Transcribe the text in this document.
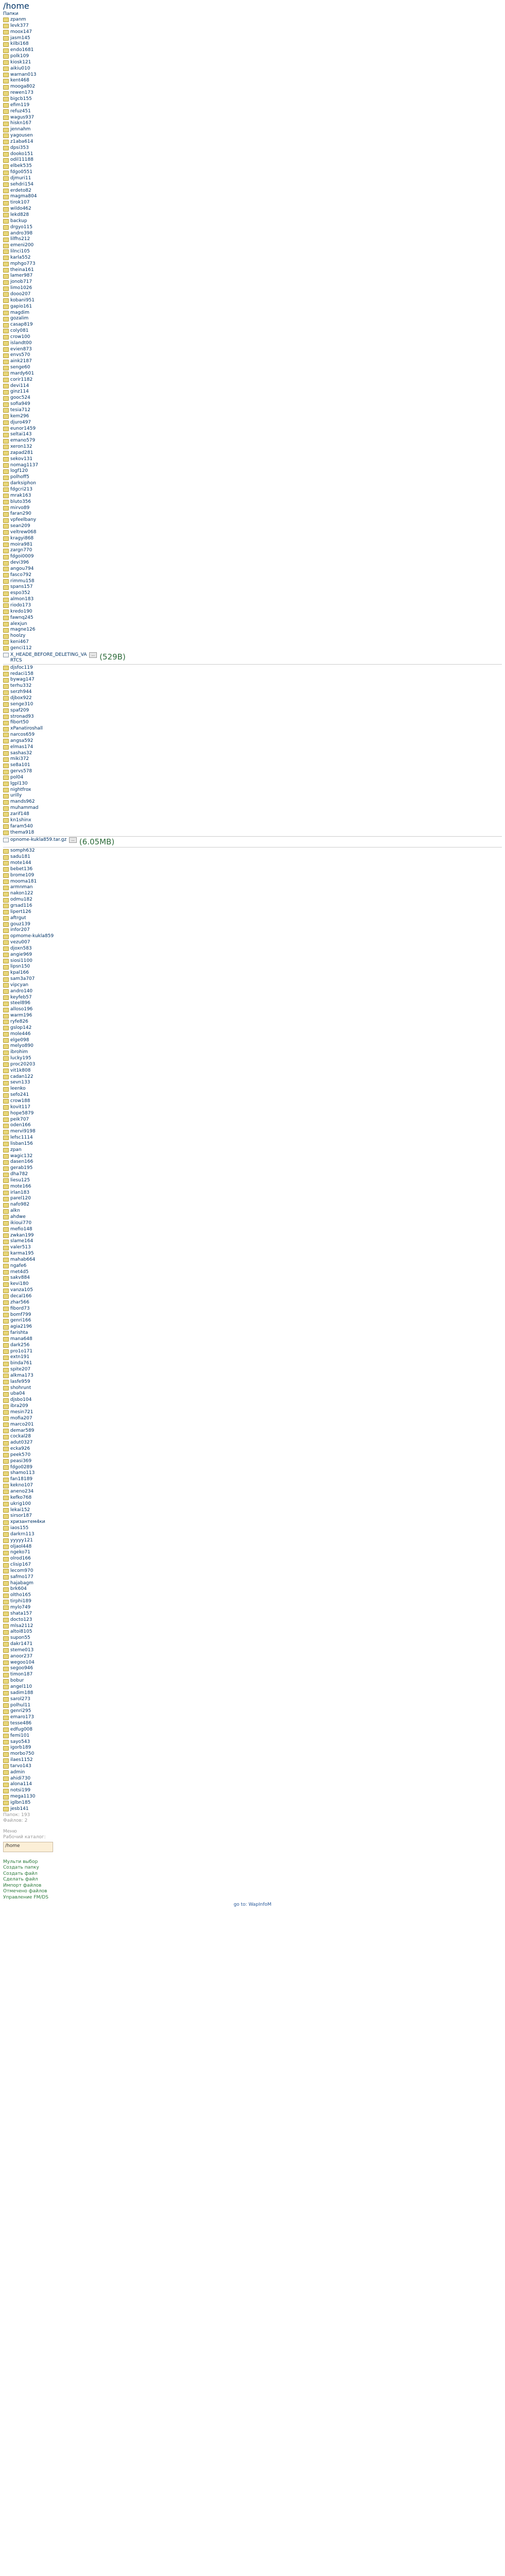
/home
Папки
zpanm
levk377
moox147
jasm145
kilbi168
endo1681
polk109
kiosk121
aikiu010
warnan013
kent468
mooga802
rewen173
bigcb155
efim119
refuz451
wagus937
hiskn167
jennahm
yagousen
z1aba614
dpsi353
dooko151
odil11188
elbek535
fdgo0551
djmuri11
sehdri154
erdeto82
magma804
tirok107
wildo462
lekd828
backup
drgyo115
andro398
lilfhs212
emeni200
lilnci105
karla552
mphgo773
theina161
lamer987
jonob717
limo1026
dooo207
kobani951
gapio161
magdim
gozalim
casap819
coly081
crow100
islandt00
evien873
envs570
aink2187
senge60
mardy601
corir1182
devi114
ginz114
gooc524
sofia949
tesia712
kem296
djuro497
eunor1459
seltai143
emano579
xeron132
zapad281
sekov131
nomag1137
logf120
polhoff5
darksiphon
fdgcri213
mrak163
bluto356
mirvo89
faran290
vpfeelbany
sean209
veltrew068
kragyi868
moira981
zargn770
fdgoi0009
devi396
angou794
fasco792
rimmu158
spans157
espo352
almon183
riodo173
kredo190
fawnq245
alexjun
magne126
hoolzy
keni467
genci112
X_HEADE_BEFORE_DELETING_VA
RTCS
... (529B)
djsfoc119
redaci158
bywag147
terhu332
serzh944
djbox922
senge310
spaf209
stronad93
fibort50
xPanatiroshall
narcos659
angsa592
elmas174
sashas32
miki372
se8a101
gervs578
pol04
lgpl130
nightfrox
urilly
mands962
muhammad
zarif148
kn1shinx
faram540
thema918
opnome-kukla859.tar.gz	... (6.05MB)
somph632
sadu181
mote144
bebet136
brome109
mooma181
armnman
nakon122
odmu182
grsad116
lipert126
aftrgut
gouz139
infor207
opmome-kukla859
vezu007
djoxn583
angie969
siosi1100
lipsn150
kpal166
sam3a707
vipcyan
andro140
keyfeb57
steel896
alloso196
warm196
ryfe826
gslop142
mole446
elge098
melyo890
ibrohim
lucky195
proc20203
vit1k808
cadan122
sevn133
leenko
sefo241
crow188
kovit117
hope5879
peik707
oden166
mervi9198
lefsc1114
lisban156
zpan
wagic132
dasen166
gerab195
dha782
liesu125
mote166
irlan183
parel120
nafo982
alkn
ahdwe
ikioui770
mefio148
zwkan199
slame164
valer513
karma195
mahab664
ngafe6
rnet4d5
sakv884
kevi180
vanza105
decal166
zhar566
fibord73
bomf799
genri166
agia2196
farishta
mana648
dark256
pro1o171
extn191
binda761
spite207
alkma173
lasfe959
shohrunt
uba04
djsbo104
ibra209
mesin721
mofia207
marco201
demar589
cockal28
adut0327
ecka926
peek570
peasi369
fdgo0289
shamo113
fan18189
kekno107
aneno234
kefko768
ukrig100
lekai152
sirsor187
хризантем4ки
iaos155
darkrn113
yyyyy121
oljaol448
ngeko71
olrod166
clisip167
lecom970
safmo177
hajabagm
brk604
oltho165
tirphi189
mylo749
shata157
docto123
mlsa2112
altoi8105
supon55
dakr1471
steme013
anoor237
wegoo104
segoo946
timon187
bobur
angel110
sadim188
sarol273
polhul11
genri295
emaro173
tesse486
edfug008
femi101
sayo543
igorb189
morbo750
ilaes1152
tarvo143
admin
ahidi730
alona114
notsi199
mega1130
iglbn185
jesb141
Папок: 193
Файлов: 2
Меню
Рабочий каталог:
/home
Мульти выбор
Создать папку
Создать файл
Сделать файл
Импорт файлов
Отмечено файлов
Управление FM/DS
go to: WapInfoM
